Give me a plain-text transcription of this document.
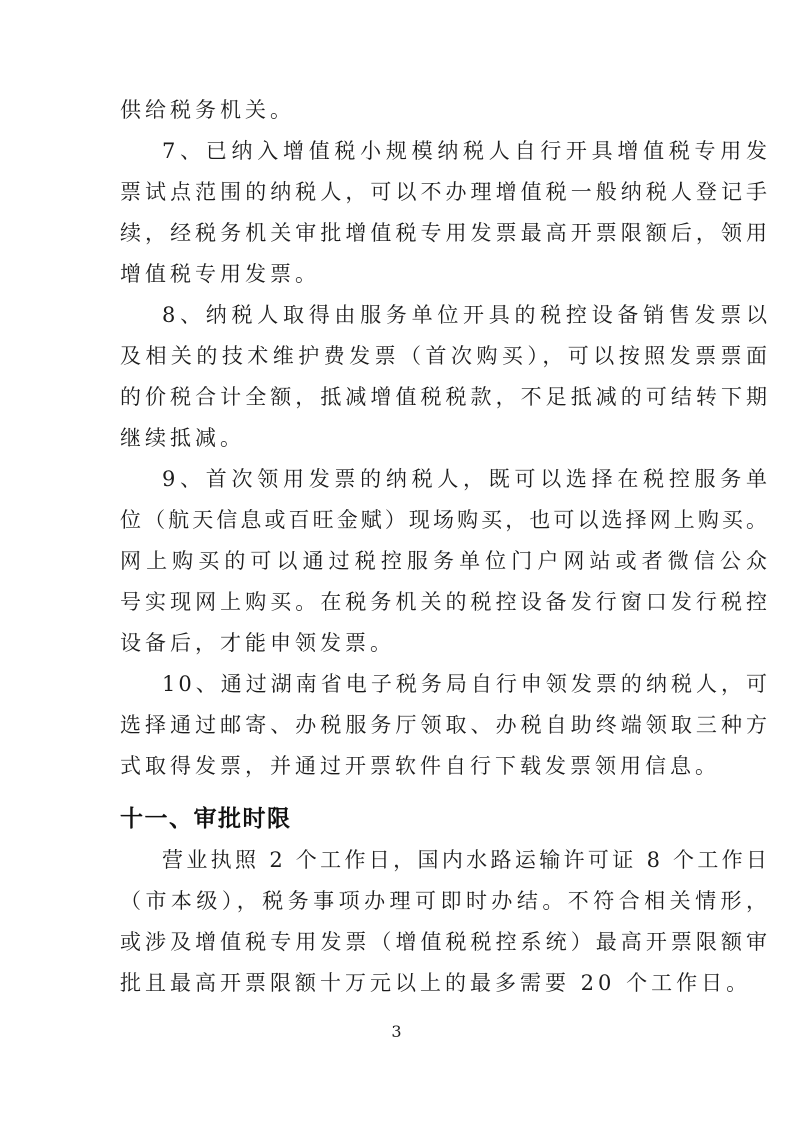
供给税务机关。
7、已纳入增值税小规模纳税人自行开具增值税专用发
票试点范围的纳税人，可以不办理增值税一般纳税人登记手
续，经税务机关审批增值税专用发票最高开票限额后，领用
增值税专用发票。
8、纳税人取得由服务单位开具的税控设备销售发票以
及相关的技术维护费发票（首次购买），可以按照发票票面
的价税合计全额，抵减增值税税款，不足抵减的可结转下期
继续抵减。
9、首次领用发票的纳税人，既可以选择在税控服务单
位（航天信息或百旺金赋）现场购买，也可以选择网上购买。
网上购买的可以通过税控服务单位门户网站或者微信公众
号实现网上购买。在税务机关的税控设备发行窗口发行税控
设备后，才能申领发票。
10、通过湖南省电子税务局自行申领发票的纳税人，可
选择通过邮寄、办税服务厅领取、办税自助终端领取三种方
式取得发票，并通过开票软件自行下载发票领用信息。
十一、审批时限
营业执照 2 个工作日，国内水路运输许可证 8 个工作日
（市本级），税务事项办理可即时办结。不符合相关情形，
或涉及增值税专用发票（增值税税控系统）最高开票限额审
批且最高开票限额十万元以上的最多需要 20 个工作日。
3
